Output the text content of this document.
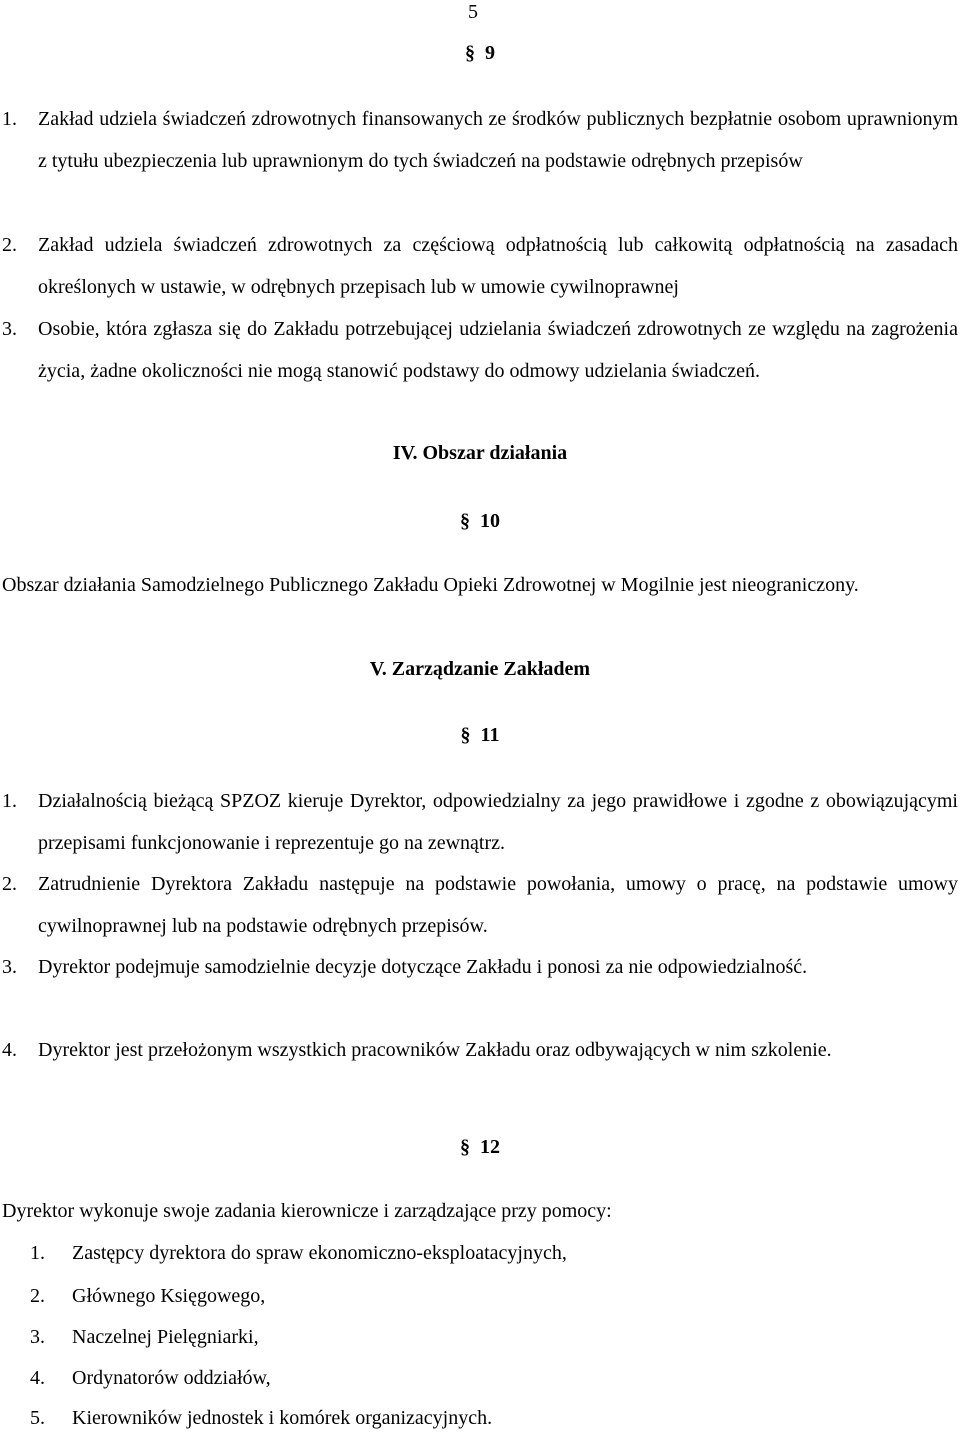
5
§ 9
1.	Zakład udziela świadczeń zdrowotnych finansowanych ze środków publicznych bezpłatnie osobom uprawnionym z tytułu ubezpieczenia lub uprawnionym do tych świadczeń na podstawie odrębnych przepisów
2.	Zakład udziela świadczeń zdrowotnych za częściową odpłatnością lub całkowitą odpłatnością na zasadach określonych w ustawie, w odrębnych przepisach lub w umowie cywilnoprawnej
3.	Osobie, która zgłasza się do Zakładu potrzebującej udzielania świadczeń zdrowotnych ze względu na zagrożenia życia, żadne okoliczności nie mogą stanowić podstawy do odmowy udzielania świadczeń.
IV. Obszar działania
§ 10
Obszar działania Samodzielnego Publicznego Zakładu Opieki Zdrowotnej w Mogilnie jest nieograniczony.
V. Zarządzanie Zakładem
§ 11
1.	Działalnością bieżącą SPZOZ kieruje Dyrektor, odpowiedzialny za jego prawidłowe i zgodne z obowiązującymi przepisami funkcjonowanie i reprezentuje go na zewnątrz.
2.	Zatrudnienie Dyrektora Zakładu następuje na podstawie powołania, umowy o pracę, na podstawie umowy cywilnoprawnej lub na podstawie odrębnych przepisów.
3.	Dyrektor podejmuje samodzielnie decyzje dotyczące Zakładu i ponosi za nie odpowiedzialność.
4.	Dyrektor jest przełożonym wszystkich pracowników Zakładu oraz odbywających w nim szkolenie.
§ 12
Dyrektor wykonuje swoje zadania kierownicze i zarządzające przy pomocy:
1. Zastępcy dyrektora do spraw ekonomiczno-eksploatacyjnych,
2. Głównego Księgowego,
3. Naczelnej Pielęgniarki,
4. Ordynatorów oddziałów,
5. Kierowników jednostek i komórek organizacyjnych.
